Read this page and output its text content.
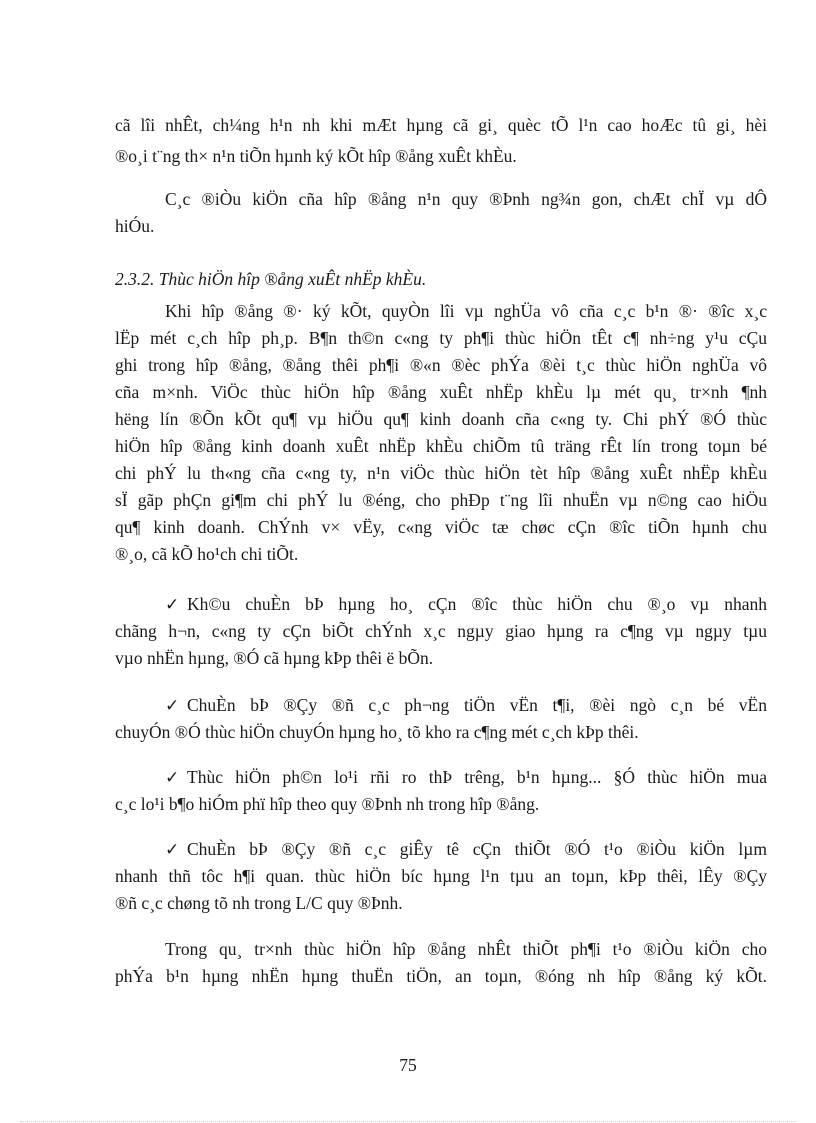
cã lîi nhÊt, ch¼ng h¹n nh khi mÆt hµng cã gi¸ quèc tÕ l¹n cao hoÆc tû gi¸ hèi
®o¸i t¨ng th× n¹n tiÕn hµnh ký kÕt hîp ®ång xuÊt khÈu.
C¸c ®iÒu kiÖn cña hîp ®ång n¹n quy ®Þnh ng¾n gon, chÆt chÏ vµ dÔ
hiÓu.
2.3.2. Thùc hiÖn hîp ®ång xuÊt nhËp khÈu.
Khi hîp ®ång ®· ký kÕt, quyÒn lîi vµ nghÜa vô cña c¸c b¹n ®· ®îc x¸c
lËp mét c¸ch hîp ph¸p. B¶n th©n c«ng ty ph¶i thùc hiÖn tÊt c¶ nh÷ng y¹u cÇu
ghi trong hîp ®ång, ®ång thêi ph¶i ®«n ®èc phÝa ®èi t¸c thùc hiÖn nghÜa vô
cña m×nh. ViÖc thùc hiÖn hîp ®ång xuÊt nhËp khÈu lµ mét qu¸ tr×nh ¶nh
hëng lín ®Õn kÕt qu¶ vµ hiÖu qu¶ kinh doanh cña c«ng ty. Chi phÝ ®Ó thùc
hiÖn hîp ®ång kinh doanh xuÊt nhËp khÈu chiÕm tû träng rÊt lín trong toµn bé
chi phÝ lu th«ng cña c«ng ty, n¹n viÖc thùc hiÖn tèt hîp ®ång xuÊt nhËp khÈu
sÏ gãp phÇn gi¶m chi phÝ lu ®éng, cho phÐp t¨ng lîi nhuËn vµ n©ng cao hiÖu
qu¶ kinh doanh. ChÝnh v× vËy, c«ng viÖc tæ chøc cÇn ®îc tiÕn hµnh chu
®¸o, cã kÕ ho¹ch chi tiÕt.
✓ Kh©u chuÈn bÞ hµng ho¸ cÇn ®îc thùc hiÖn chu ®¸o vµ nhanh
chãng h¬n, c«ng ty cÇn biÕt chÝnh x¸c ngµy giao hµng ra c¶ng vµ ngµy tµu
vµo nhËn hµng, ®Ó cã hµng kÞp thêi ë bÕn.
✓ ChuÈn bÞ ®Çy ®ñ c¸c ph¬ng tiÖn vËn t¶i, ®èi ngò c¸n bé vËn
chuyÓn ®Ó thùc hiÖn chuyÓn hµng ho¸ tõ kho ra c¶ng mét c¸ch kÞp thêi.
✓ Thùc hiÖn ph©n lo¹i rñi ro thÞ trêng, b¹n hµng... §Ó thùc hiÖn mua
c¸c lo¹i b¶o hiÓm phï hîp theo quy ®Þnh nh trong hîp ®ång.
✓ ChuÈn bÞ ®Çy ®ñ c¸c giÊy tê cÇn thiÕt ®Ó t¹o ®iÒu kiÖn lµm
nhanh thñ tôc h¶i quan. thùc hiÖn bíc hµng l¹n tµu an toµn, kÞp thêi, lÊy ®Çy
®ñ c¸c chøng tõ nh trong L/C quy ®Þnh.
Trong qu¸ tr×nh thùc hiÖn hîp ®ång nhÊt thiÕt ph¶i t¹o ®iÒu kiÖn cho
phÝa b¹n hµng nhËn hµng thuËn tiÖn, an toµn, ®óng nh hîp ®ång ký kÕt.
75
